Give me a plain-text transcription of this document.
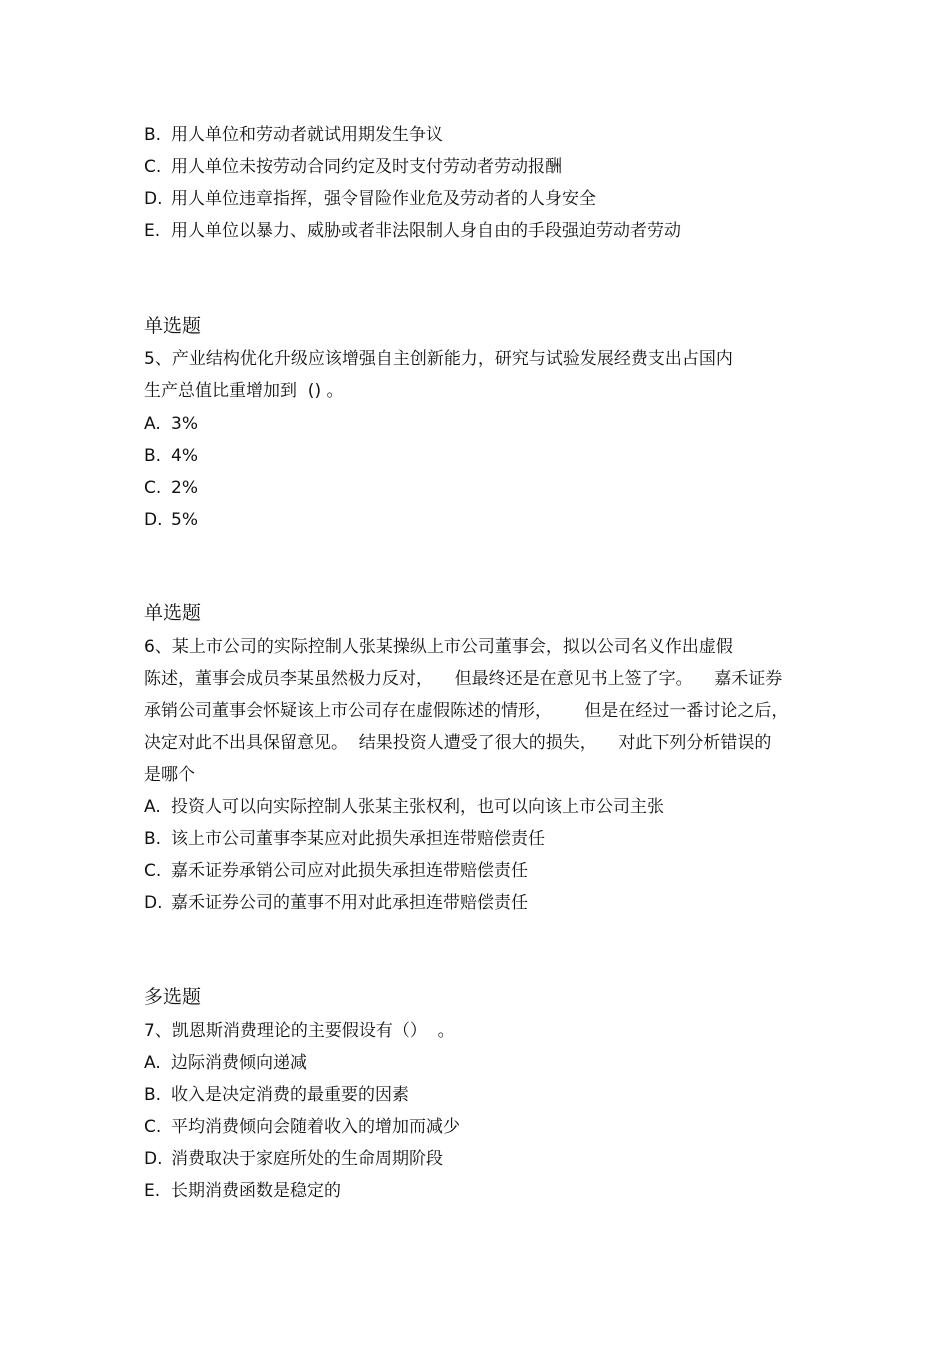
B. 用人单位和劳动者就试用期发生争议
C. 用人单位未按劳动合同约定及时支付劳动者劳动报酬
D. 用人单位违章指挥，强令冒险作业危及劳动者的人身安全
E. 用人单位以暴力、威胁或者非法限制人身自由的手段强迫劳动者劳动
单选题
5、产业结构优化升级应该增强自主创新能力，研究与试验发展经费支出占国内
生产总值比重增加到  () 。
A. 3%
B. 4%
C. 2%
D. 5%
单选题
6、某上市公司的实际控制人张某操纵上市公司董事会，拟以公司名义作出虚假
陈述，董事会成员李某虽然极力反对，    但最终还是在意见书上签了字。    嘉禾证券
承销公司董事会怀疑该上市公司存在虚假陈述的情形，      但是在经过一番讨论之后，
决定对此不出具保留意见。  结果投资人遭受了很大的损失，    对此下列分析错误的
是哪个
A. 投资人可以向实际控制人张某主张权利，也可以向该上市公司主张
B. 该上市公司董事李某应对此损失承担连带赔偿责任
C. 嘉禾证券承销公司应对此损失承担连带赔偿责任
D. 嘉禾证券公司的董事不用对此承担连带赔偿责任
多选题
7、凯恩斯消费理论的主要假设有（）  。
A. 边际消费倾向递减
B. 收入是决定消费的最重要的因素
C. 平均消费倾向会随着收入的增加而减少
D. 消费取决于家庭所处的生命周期阶段
E. 长期消费函数是稳定的
